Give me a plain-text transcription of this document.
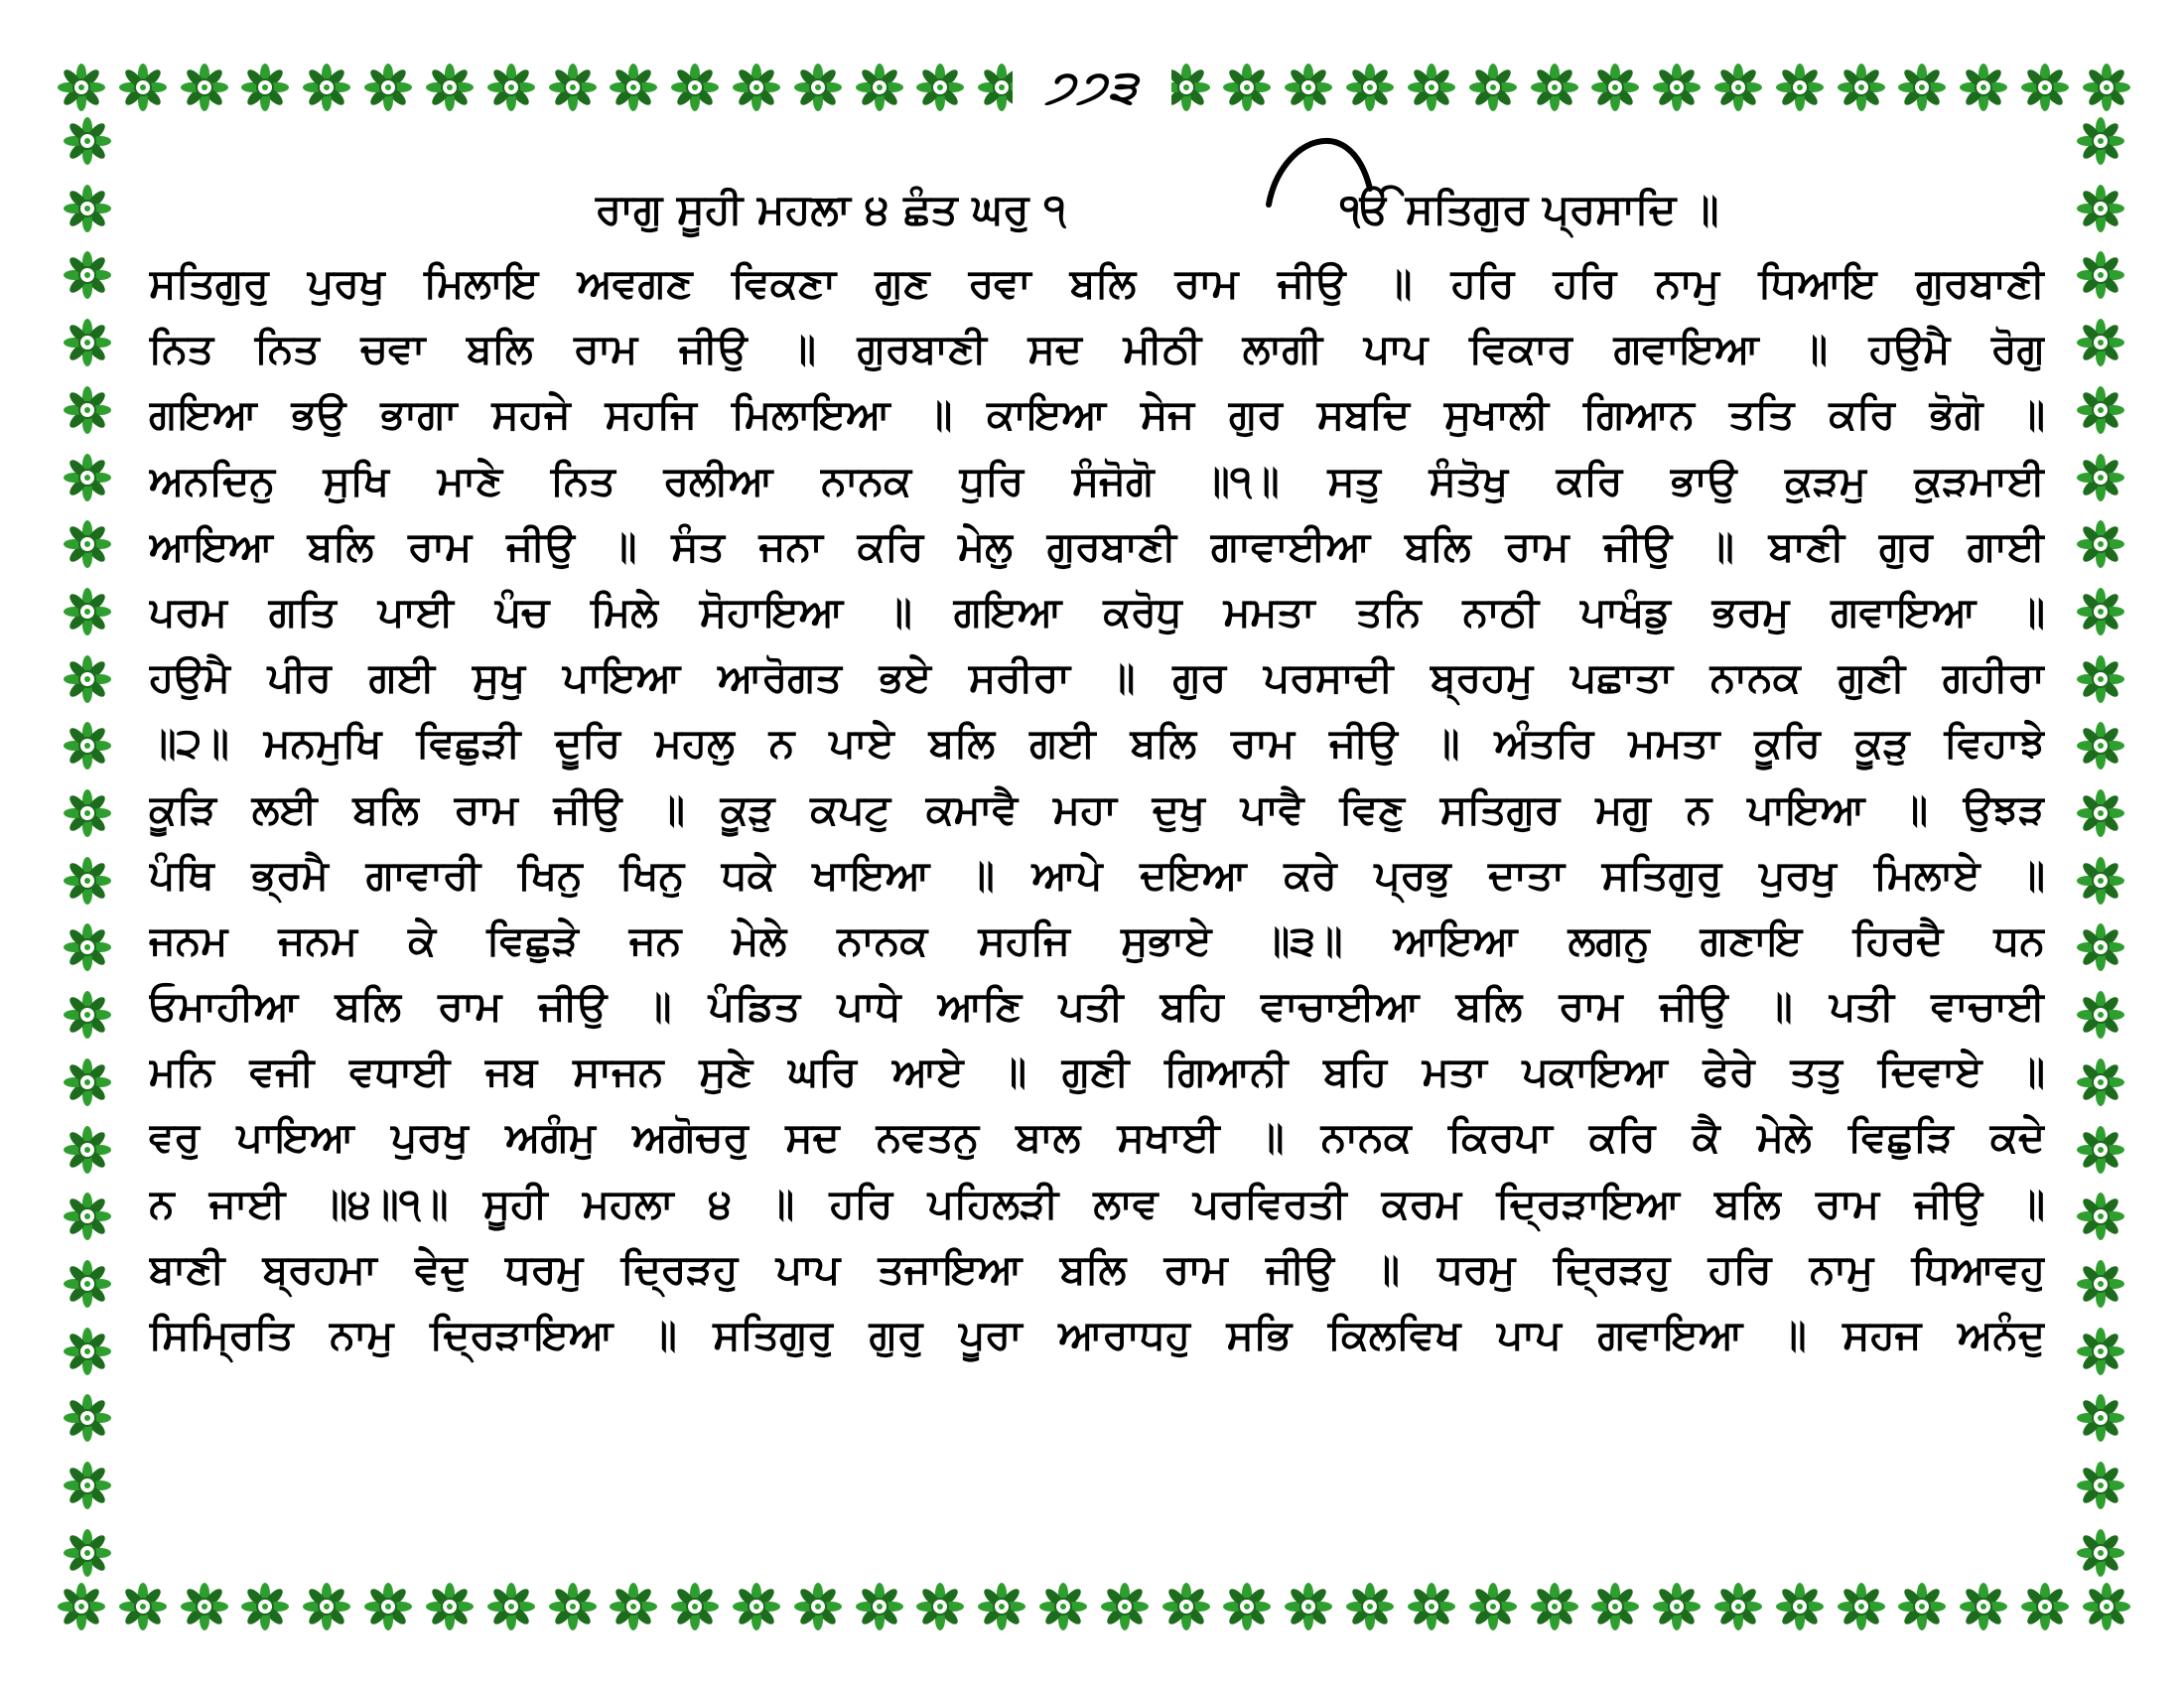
੭੭੩
ਰਾਗੁ ਸੂਹੀ ਮਹਲਾ ੪ ਛੰਤ ਘਰੁ ੧	ੴ ਸਤਿਗੁਰ ਪ੍ਰਸਾਦਿ ॥
ਸਤਿਗੁਰੁ ਪੁਰਖੁ ਮਿਲਾਇ ਅਵਗਣ ਵਿਕਣਾ ਗੁਣ ਰਵਾ ਬਲਿ ਰਾਮ ਜੀਉ ॥ ਹਰਿ ਹਰਿ ਨਾਮੁ ਧਿਆਇ ਗੁਰਬਾਣੀ
ਨਿਤ ਨਿਤ ਚਵਾ ਬਲਿ ਰਾਮ ਜੀਉ ॥ ਗੁਰਬਾਣੀ ਸਦ ਮੀਠੀ ਲਾਗੀ ਪਾਪ ਵਿਕਾਰ ਗਵਾਇਆ ॥ ਹਉਮੈ ਰੋਗੁ
ਗਇਆ ਭਉ ਭਾਗਾ ਸਹਜੇ ਸਹਜਿ ਮਿਲਾਇਆ ॥ ਕਾਇਆ ਸੇਜ ਗੁਰ ਸਬਦਿ ਸੁਖਾਲੀ ਗਿਆਨ ਤਤਿ ਕਰਿ ਭੋਗੋ ॥
ਅਨਦਿਨੁ ਸੁਖਿ ਮਾਣੇ ਨਿਤ ਰਲੀਆ ਨਾਨਕ ਧੁਰਿ ਸੰਜੋਗੋ ॥੧॥ ਸਤੁ ਸੰਤੋਖੁ ਕਰਿ ਭਾਉ ਕੁੜਮੁ ਕੁੜਮਾਈ
ਆਇਆ ਬਲਿ ਰਾਮ ਜੀਉ ॥ ਸੰਤ ਜਨਾ ਕਰਿ ਮੇਲੁ ਗੁਰਬਾਣੀ ਗਾਵਾਈਆ ਬਲਿ ਰਾਮ ਜੀਉ ॥ ਬਾਣੀ ਗੁਰ ਗਾਈ
ਪਰਮ ਗਤਿ ਪਾਈ ਪੰਚ ਮਿਲੇ ਸੋਹਾਇਆ ॥ ਗਇਆ ਕਰੋਧੁ ਮਮਤਾ ਤਨਿ ਨਾਠੀ ਪਾਖੰਡੁ ਭਰਮੁ ਗਵਾਇਆ ॥
ਹਉਮੈ ਪੀਰ ਗਈ ਸੁਖੁ ਪਾਇਆ ਆਰੋਗਤ ਭਏ ਸਰੀਰਾ ॥ ਗੁਰ ਪਰਸਾਦੀ ਬ੍ਰਹਮੁ ਪਛਾਤਾ ਨਾਨਕ ਗੁਣੀ ਗਹੀਰਾ
॥੨॥ ਮਨਮੁਖਿ ਵਿਛੁੜੀ ਦੂਰਿ ਮਹਲੁ ਨ ਪਾਏ ਬਲਿ ਗਈ ਬਲਿ ਰਾਮ ਜੀਉ ॥ ਅੰਤਰਿ ਮਮਤਾ ਕੂਰਿ ਕੂੜੁ ਵਿਹਾਝੇ
ਕੂੜਿ ਲਈ ਬਲਿ ਰਾਮ ਜੀਉ ॥ ਕੂੜੁ ਕਪਟੁ ਕਮਾਵੈ ਮਹਾ ਦੁਖੁ ਪਾਵੈ ਵਿਣੁ ਸਤਿਗੁਰ ਮਗੁ ਨ ਪਾਇਆ ॥ ਉਝੜ
ਪੰਥਿ ਭ੍ਰਮੈ ਗਾਵਾਰੀ ਖਿਨੁ ਖਿਨੁ ਧਕੇ ਖਾਇਆ ॥ ਆਪੇ ਦਇਆ ਕਰੇ ਪ੍ਰਭੁ ਦਾਤਾ ਸਤਿਗੁਰੁ ਪੁਰਖੁ ਮਿਲਾਏ ॥
ਜਨਮ ਜਨਮ ਕੇ ਵਿਛੁੜੇ ਜਨ ਮੇਲੇ ਨਾਨਕ ਸਹਜਿ ਸੁਭਾਏ ॥੩॥ ਆਇਆ ਲਗਨੁ ਗਣਾਇ ਹਿਰਦੈ ਧਨ
ਓਮਾਹੀਆ ਬਲਿ ਰਾਮ ਜੀਉ ॥ ਪੰਡਿਤ ਪਾਧੇ ਆਣਿ ਪਤੀ ਬਹਿ ਵਾਚਾਈਆ ਬਲਿ ਰਾਮ ਜੀਉ ॥ ਪਤੀ ਵਾਚਾਈ
ਮਨਿ ਵਜੀ ਵਧਾਈ ਜਬ ਸਾਜਨ ਸੁਣੇ ਘਰਿ ਆਏ ॥ ਗੁਣੀ ਗਿਆਨੀ ਬਹਿ ਮਤਾ ਪਕਾਇਆ ਫੇਰੇ ਤਤੁ ਦਿਵਾਏ ॥
ਵਰੁ ਪਾਇਆ ਪੁਰਖੁ ਅਗੰਮੁ ਅਗੋਚਰੁ ਸਦ ਨਵਤਨੁ ਬਾਲ ਸਖਾਈ ॥ ਨਾਨਕ ਕਿਰਪਾ ਕਰਿ ਕੈ ਮੇਲੇ ਵਿਛੁੜਿ ਕਦੇ
ਨ ਜਾਈ ॥੪॥੧॥ ਸੂਹੀ ਮਹਲਾ ੪ ॥ ਹਰਿ ਪਹਿਲੜੀ ਲਾਵ ਪਰਵਿਰਤੀ ਕਰਮ ਦ੍ਰਿੜਾਇਆ ਬਲਿ ਰਾਮ ਜੀਉ ॥
ਬਾਣੀ ਬ੍ਰਹਮਾ ਵੇਦੁ ਧਰਮੁ ਦ੍ਰਿੜਹੁ ਪਾਪ ਤਜਾਇਆ ਬਲਿ ਰਾਮ ਜੀਉ ॥ ਧਰਮੁ ਦ੍ਰਿੜਹੁ ਹਰਿ ਨਾਮੁ ਧਿਆਵਹੁ
ਸਿਮ੍ਰਿਤਿ ਨਾਮੁ ਦ੍ਰਿੜਾਇਆ ॥ ਸਤਿਗੁਰੁ ਗੁਰੁ ਪੂਰਾ ਆਰਾਧਹੁ ਸਭਿ ਕਿਲਵਿਖ ਪਾਪ ਗਵਾਇਆ ॥ ਸਹਜ ਅਨੰਦੁ
